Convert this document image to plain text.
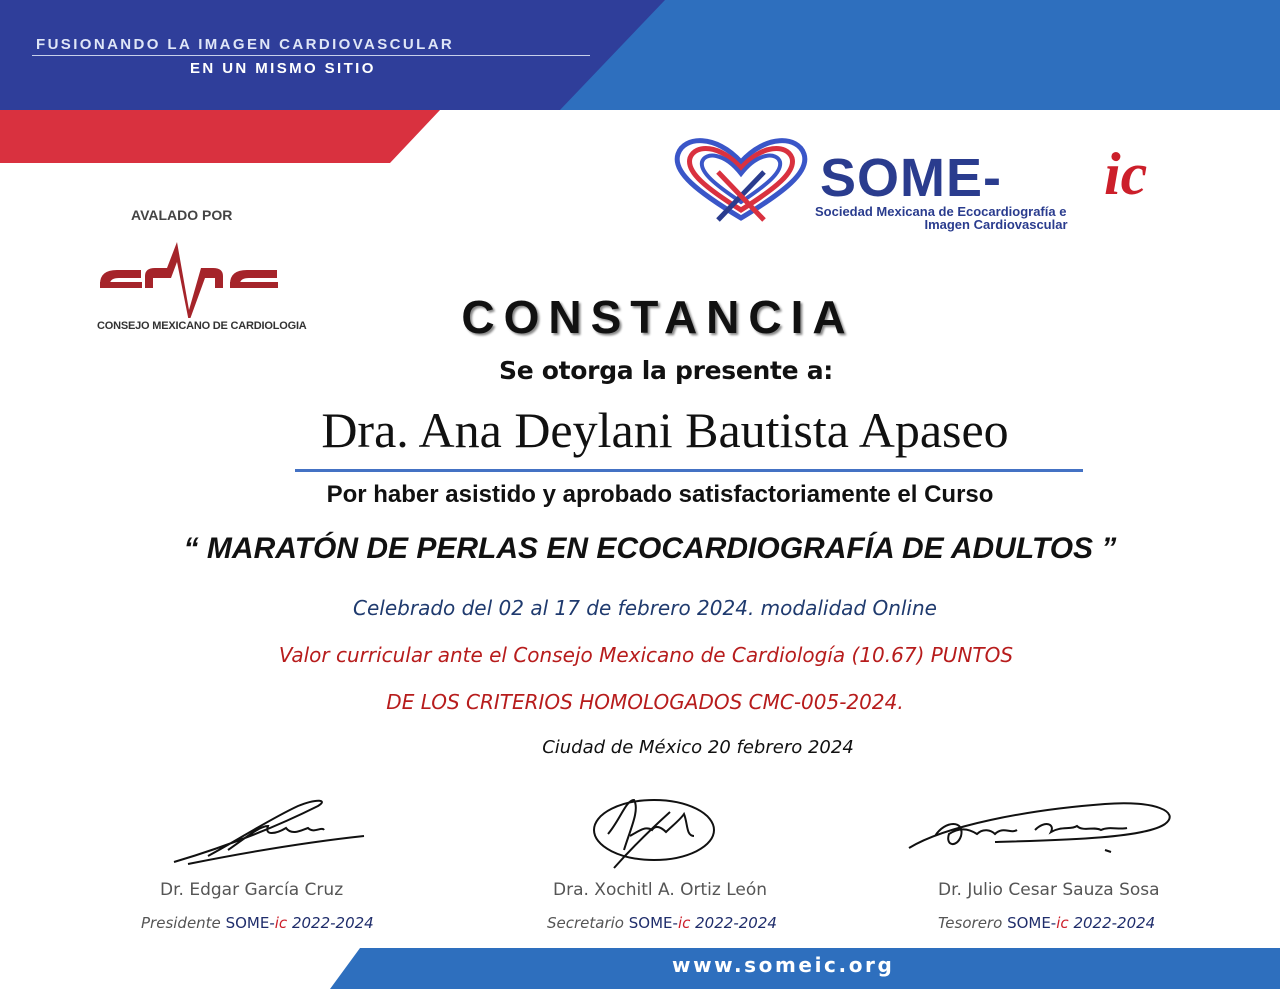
FUSIONANDO LA IMAGEN CARDIOVASCULAR
EN UN MISMO SITIO
AVALADO POR
CONSEJO MEXICANO DE CARDIOLOGIA
SOME- ic
Sociedad Mexicana de Ecocardiografía e
Imagen Cardiovascular
CONSTANCIA
Se otorga la presente a:
Dra. Ana Deylani Bautista Apaseo
Por haber asistido y aprobado satisfactoriamente el Curso
“ MARATÓN DE PERLAS EN ECOCARDIOGRAFÍA DE ADULTOS ”
Celebrado del 02 al 17 de febrero 2024. modalidad Online
Valor curricular ante el Consejo Mexicano de Cardiología (10.67) PUNTOS
DE LOS CRITERIOS HOMOLOGADOS CMC-005-2024.
Ciudad de México 20 febrero 2024
Dr. Edgar García Cruz
Presidente SOME-ic 2022-2024
Dra. Xochitl A. Ortiz León
Secretario SOME-ic 2022-2024
Dr. Julio Cesar Sauza Sosa
Tesorero SOME-ic 2022-2024
www.someic.org
